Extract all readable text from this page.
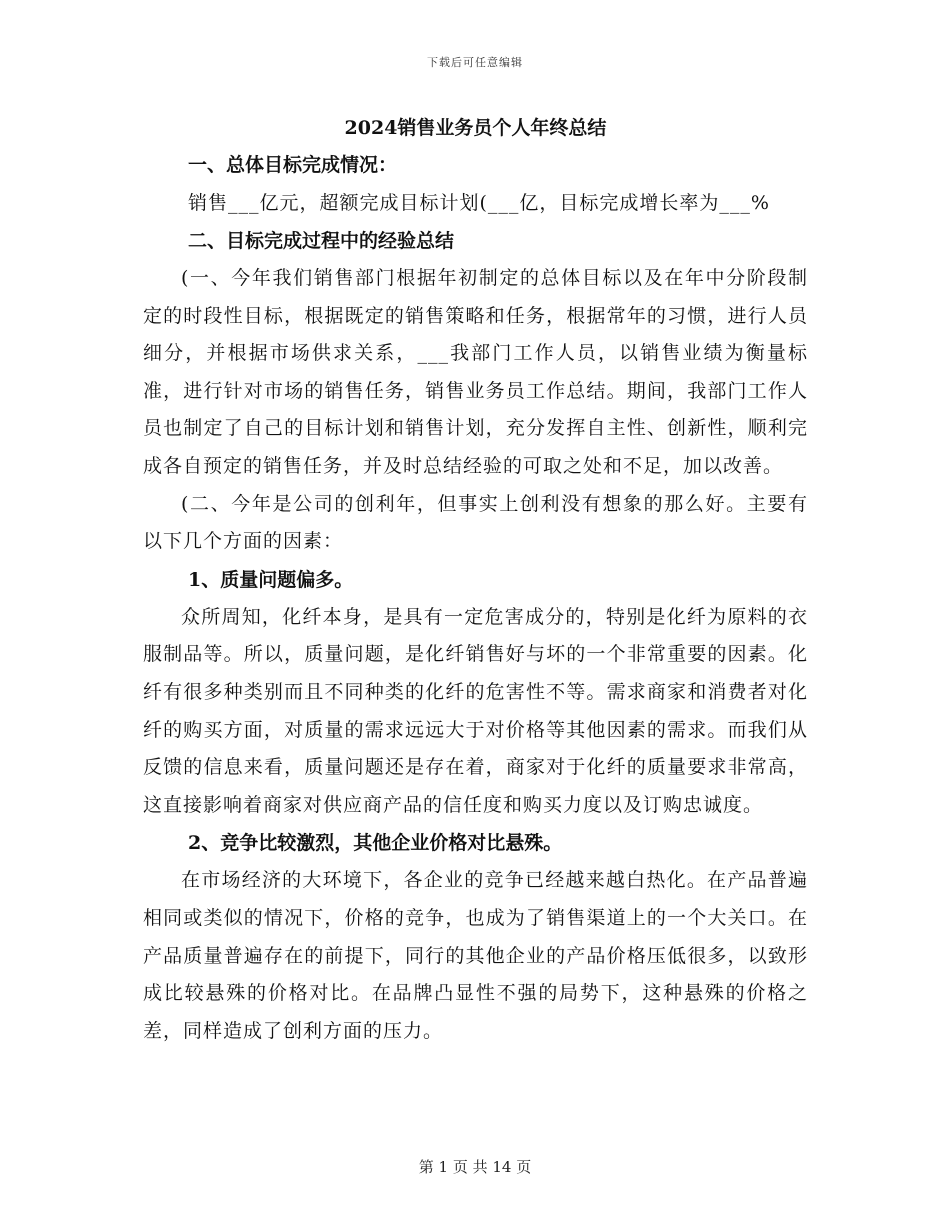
下载后可任意编辑
2024销售业务员个人年终总结
一、总体目标完成情况：
销售___亿元，超额完成目标计划(___亿，目标完成增长率为___%
二、目标完成过程中的经验总结

(一、今年我们销售部门根据年初制定的总体目标以及在年中分阶段制定的时段性目标，根据既定的销售策略和任务，根据常年的习惯，进行人员细分，并根据市场供求关系，___我部门工作人员，以销售业绩为衡量标准，进行针对市场的销售任务，销售业务员工作总结。期间，我部门工作人员也制定了自己的目标计划和销售计划，充分发挥自主性、创新性，顺利完成各自预定的销售任务，并及时总结经验的可取之处和不足，加以改善。

(二、今年是公司的创利年，但事实上创利没有想象的那么好。主要有以下几个方面的因素：

1、质量问题偏多。

众所周知，化纤本身，是具有一定危害成分的，特别是化纤为原料的衣服制品等。所以，质量问题，是化纤销售好与坏的一个非常重要的因素。化纤有很多种类别而且不同种类的化纤的危害性不等。需求商家和消费者对化纤的购买方面，对质量的需求远远大于对价格等其他因素的需求。而我们从反馈的信息来看，质量问题还是存在着，商家对于化纤的质量要求非常高，这直接影响着商家对供应商产品的信任度和购买力度以及订购忠诚度。

2、竞争比较激烈，其他企业价格对比悬殊。

在市场经济的大环境下，各企业的竞争已经越来越白热化。在产品普遍相同或类似的情况下，价格的竞争，也成为了销售渠道上的一个大关口。在产品质量普遍存在的前提下，同行的其他企业的产品价格压低很多，以致形成比较悬殊的价格对比。在品牌凸显性不强的局势下，这种悬殊的价格之差，同样造成了创利方面的压力。

第 1 页 共 14 页
